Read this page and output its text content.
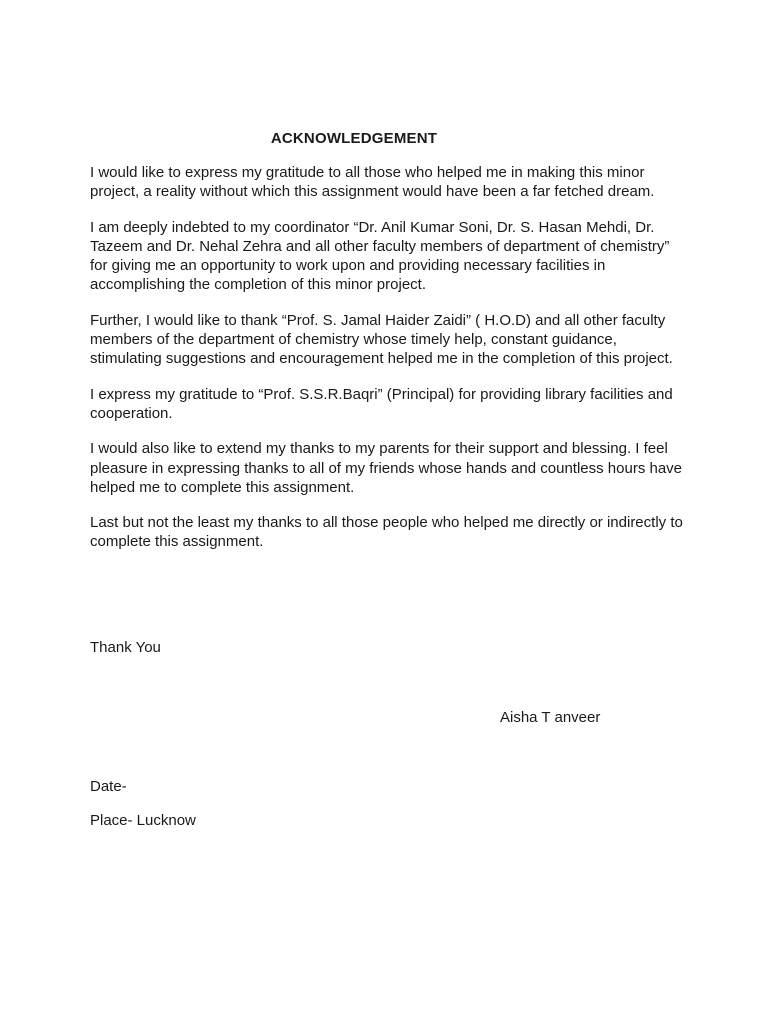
ACKNOWLEDGEMENT

I would like to express my gratitude to all those who helped me in making this minor project, a reality without which this assignment would have been a far fetched dream.

I am deeply indebted to my coordinator “Dr. Anil Kumar Soni, Dr. S. Hasan Mehdi, Dr. Tazeem and Dr. Nehal Zehra and all other faculty members of department of chemistry” for giving me an opportunity to work upon and providing necessary facilities in accomplishing the completion of this minor project.

Further, I would like to thank “Prof. S. Jamal Haider Zaidi” ( H.O.D) and all other faculty members of the department of chemistry whose timely help, constant guidance, stimulating suggestions and encouragement helped me in the completion of this project.

I express my gratitude to “Prof. S.S.R.Baqri” (Principal) for providing library facilities and cooperation.

I would also like to extend my thanks to my parents for their support and blessing. I feel pleasure in expressing thanks to all of my friends whose hands and countless hours have helped me to complete this assignment.

Last but not the least my thanks to all those people who helped me directly or indirectly to complete this assignment.

Thank You
Aisha T anveer
Date-
Place- Lucknow
